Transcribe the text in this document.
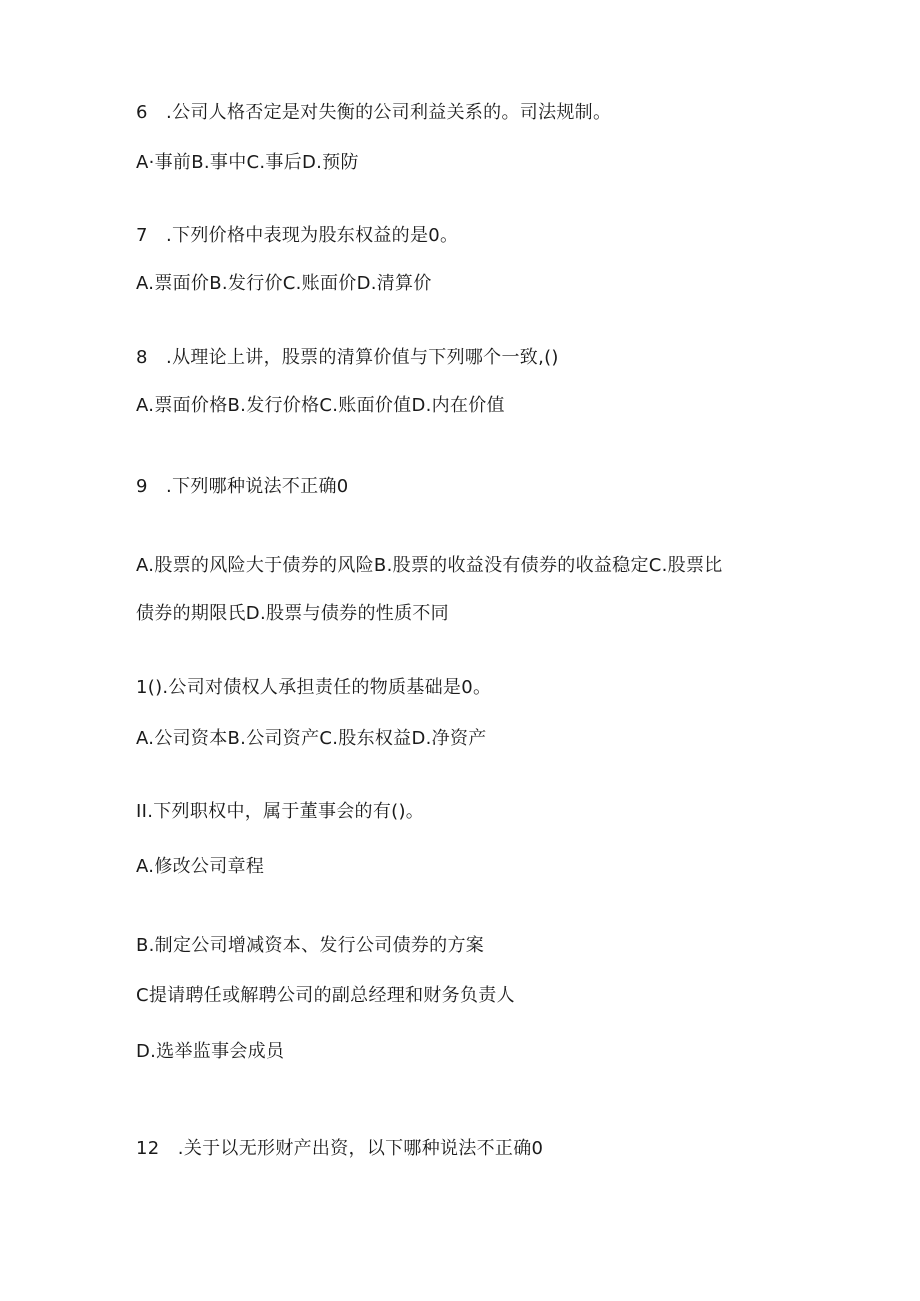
6　.公司人格否定是对失衡的公司利益关系的。司法规制。
A·事前B.事中C.事后D.预防
7　.下列价格中表现为股东权益的是0。
A.票面价B.发行价C.账面价D.清算价
8　.从理论上讲，股票的清算价值与下列哪个一致,()
A.票面价格B.发行价格C.账面价值D.内在价值
9　.下列哪种说法不正确0
A.股票的风险大于债券的风险B.股票的收益没有债券的收益稳定C.股票比
债券的期限氏D.股票与债券的性质不同
1().公司对债权人承担责任的物质基础是0。
A.公司资本B.公司资产C.股东权益D.净资产
II.下列职权中，属于董事会的有()。
A.修改公司章程
B.制定公司增减资本、发行公司债券的方案
C提请聘任或解聘公司的副总经理和财务负责人
D.选举监事会成员
12　.关于以无形财产出资，以下哪种说法不正确0
